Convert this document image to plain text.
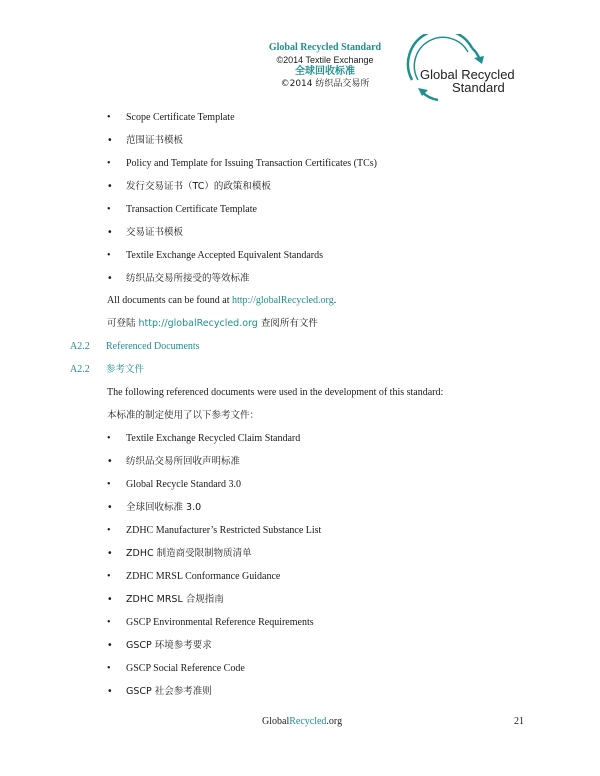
Global Recycled Standard
©2014 Textile Exchange
全球回收标准
©2014 纺织品交易所
Global Recycled
Standard
• Scope Certificate Template
• 范围证书模板
• Policy and Template for Issuing Transaction Certificates (TCs)
• 发行交易证书（TC）的政策和模板
• Transaction Certificate Template
• 交易证书模板
• Textile Exchange Accepted Equivalent Standards
• 纺织品交易所接受的等效标准
All documents can be found at http://globalRecycled.org.
可登陆 http://globalRecycled.org 查阅所有文件
A2.2 Referenced Documents
A2.2 参考文件
The following referenced documents were used in the development of this standard:
本标准的制定使用了以下参考文件：
• Textile Exchange Recycled Claim Standard
• 纺织品交易所回收声明标准
• Global Recycle Standard 3.0
• 全球回收标准 3.0
• ZDHC Manufacturer’s Restricted Substance List
• ZDHC 制造商受限制物质清单
• ZDHC MRSL Conformance Guidance
• ZDHC MRSL 合规指南
• GSCP Environmental Reference Requirements
• GSCP 环境参考要求
• GSCP Social Reference Code
• GSCP 社会参考准则
GlobalRecycled.org	21
